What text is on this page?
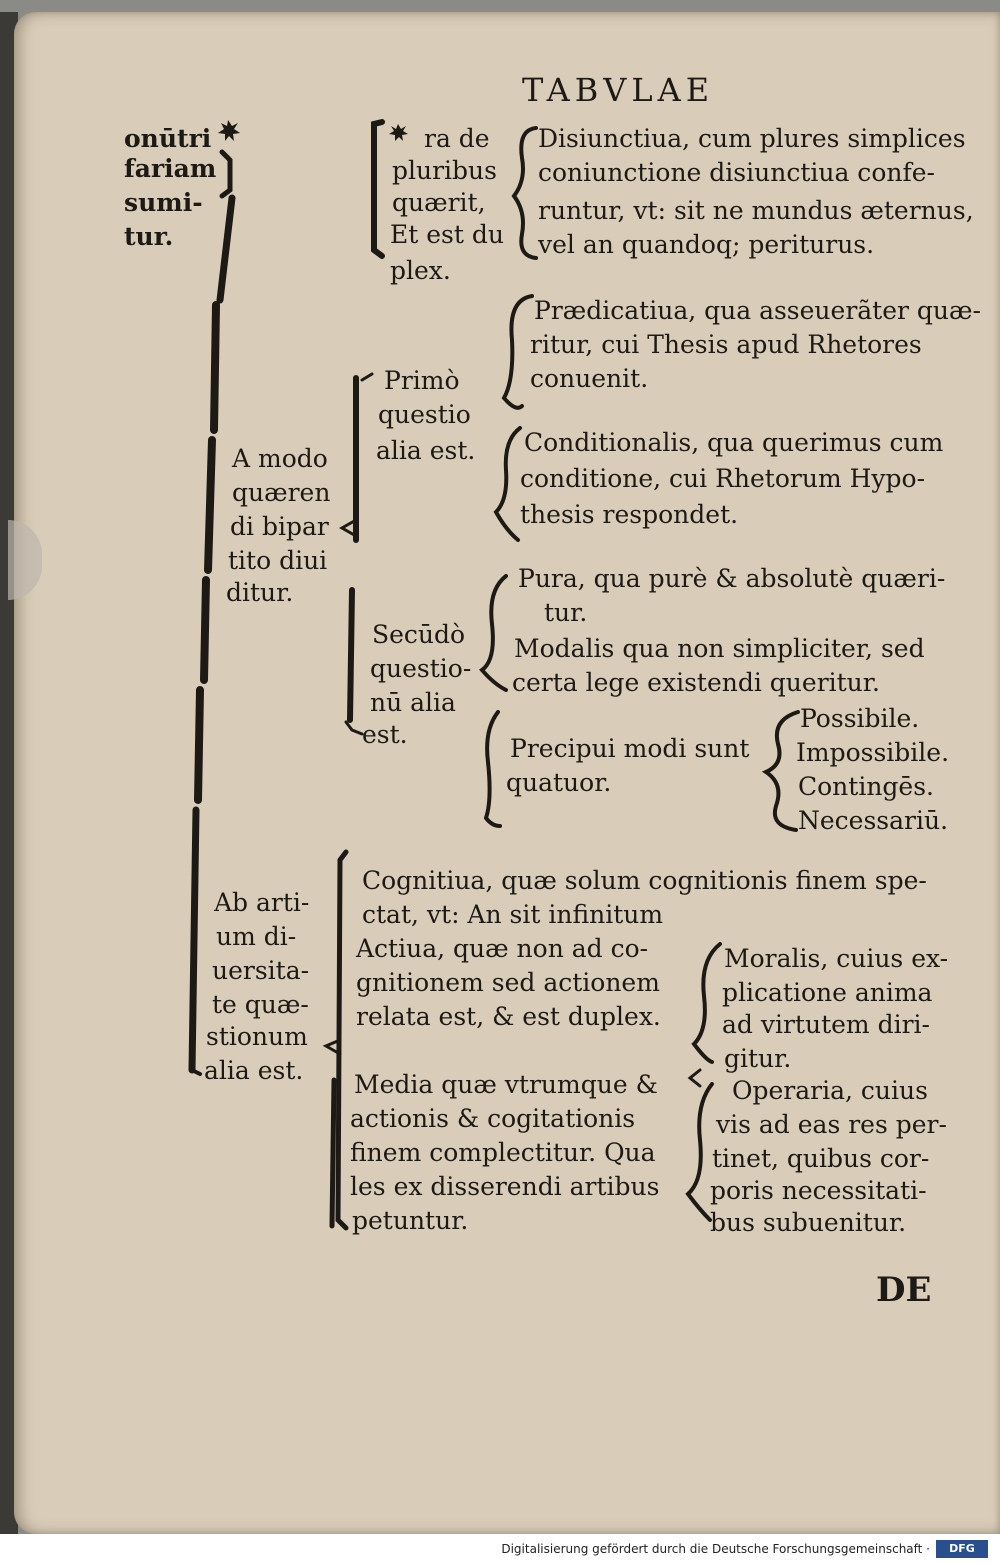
TABVLAE
onūtri
fariam
sumi-
tur.
ra de
pluribus
quærit,
Et est du
plex.
Disiunctiua, cum plures simplices
coniunctione disiunctiua confe-
runtur, vt: sit ne mundus æternus,
vel an quandoq; periturus.
A modo
quæren
di bipar
tito diui
ditur.
Primò
questio
alia est.
Prædicatiua, qua asseuerãter quæ-
ritur, cui Thesis apud Rhetores
conuenit.
Conditionalis, qua querimus cum
conditione, cui Rhetorum Hypo-
thesis respondet.
Secūdò
questio-
nū alia
est.
Pura, qua purè & absolutè quæri-
tur.
Modalis qua non simpliciter, sed
certa lege existendi queritur.
Precipui modi sunt
quatuor.
Possibile.
Impossibile.
Contingēs.
Necessariū.
Ab arti-
um di-
uersita-
te quæ-
stionum
alia est.
Cognitiua, quæ solum cognitionis finem spe-
ctat, vt: An sit infinitum
Actiua, quæ non ad co-
gnitionem sed actionem
relata est, & est duplex.
Moralis, cuius ex-
plicatione anima
ad virtutem diri-
gitur.
Media quæ vtrumque &
actionis & cogitationis
finem complectitur. Qua
les ex disserendi artibus
petuntur.
Operaria, cuius
vis ad eas res per-
tinet, quibus cor-
poris necessitati-
bus subuenitur.
DE
Digitalisierung gefördert durch die Deutsche Forschungsgemeinschaft ·	DFG
